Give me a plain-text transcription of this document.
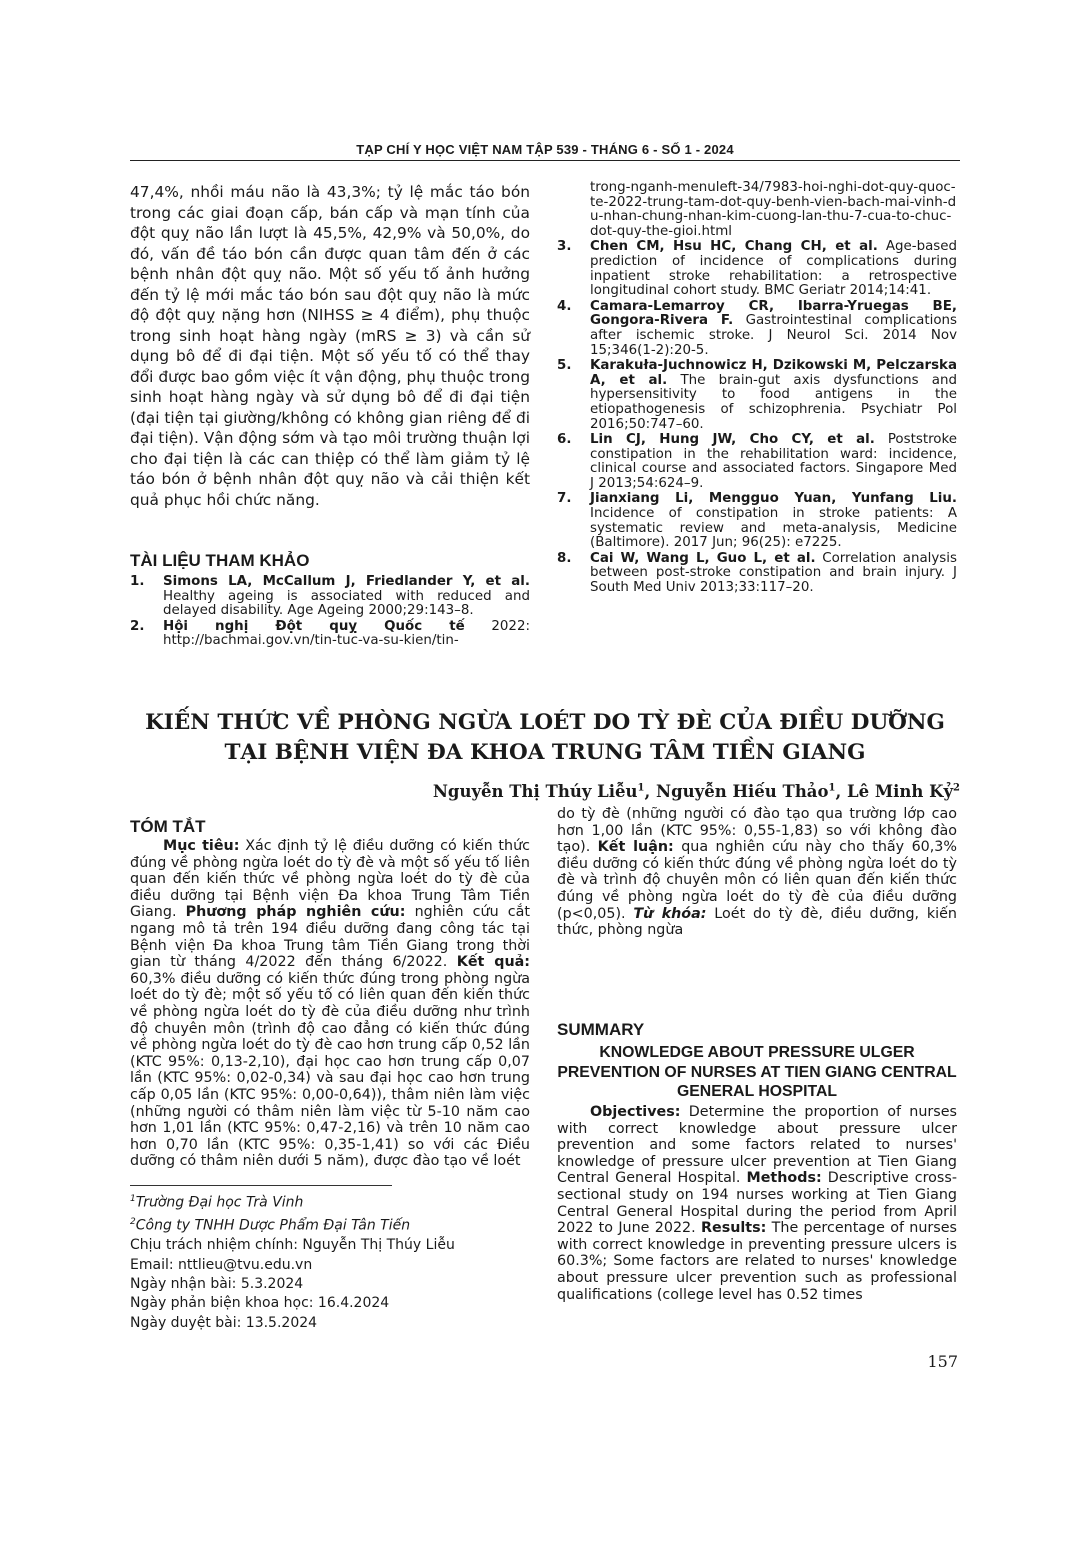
TẠP CHÍ Y HỌC VIỆT NAM TẬP 539 - THÁNG 6 - SỐ 1 - 2024

47,4%, nhồi máu não là 43,3%; tỷ lệ mắc táo bón trong các giai đoạn cấp, bán cấp và mạn tính của đột quỵ não lần lượt là 45,5%, 42,9% và 50,0%, do đó, vấn đề táo bón cần được quan tâm đến ở các bệnh nhân đột quỵ não. Một số yếu tố ảnh hưởng đến tỷ lệ mới mắc táo bón sau đột quỵ não là mức độ đột quỵ nặng hơn (NIHSS ≥ 4 điểm), phụ thuộc trong sinh hoạt hàng ngày (mRS ≥ 3) và cần sử dụng bô để đi đại tiện. Một số yếu tố có thể thay đổi được bao gồm việc ít vận động, phụ thuộc trong sinh hoạt hàng ngày và sử dụng bô để đi đại tiện (đại tiện tại giường/không có không gian riêng để đi đại tiện). Vận động sớm và tạo môi trường thuận lợi cho đại tiện là các can thiệp có thể làm giảm tỷ lệ táo bón ở bệnh nhân đột quỵ não và cải thiện kết quả phục hồi chức năng.

TÀI LIỆU THAM KHẢO
1. Simons LA, McCallum J, Friedlander Y, et al. Healthy ageing is associated with reduced and delayed disability. Age Ageing 2000;29:143–8.
2. Hội nghị Đột quỵ Quốc tế 2022: http://bachmai.gov.vn/tin-tuc-va-su-kien/tin-
trong-nganh-menuleft-34/7983-hoi-nghi-dot-quy-quoc-te-2022-trung-tam-dot-quy-benh-vien-bach-mai-vinh-du-nhan-chung-nhan-kim-cuong-lan-thu-7-cua-to-chuc-dot-quy-the-gioi.html
3. Chen CM, Hsu HC, Chang CH, et al. Age-based prediction of incidence of complications during inpatient stroke rehabilitation: a retrospective longitudinal cohort study. BMC Geriatr 2014;14:41.
4. Camara-Lemarroy CR, Ibarra-Yruegas BE, Gongora-Rivera F. Gastrointestinal complications after ischemic stroke. J Neurol Sci. 2014 Nov 15;346(1-2):20-5.
5. Karakuła-Juchnowicz H, Dzikowski M, Pelczarska A, et al. The brain-gut axis dysfunctions and hypersensitivity to food antigens in the etiopathogenesis of schizophrenia. Psychiatr Pol 2016;50:747–60.
6. Lin CJ, Hung JW, Cho CY, et al. Poststroke constipation in the rehabilitation ward: incidence, clinical course and associated factors. Singapore Med J 2013;54:624–9.
7. Jianxiang Li, Mengguo Yuan, Yunfang Liu. Incidence of constipation in stroke patients: A systematic review and meta-analysis, Medicine (Baltimore). 2017 Jun; 96(25): e7225.
8. Cai W, Wang L, Guo L, et al. Correlation analysis between post-stroke constipation and brain injury. J South Med Univ 2013;33:117–20.
KIẾN THỨC VỀ PHÒNG NGỪA LOÉT DO TỲ ĐÈ CỦA ĐIỀU DƯỠNG
TẠI BỆNH VIỆN ĐA KHOA TRUNG TÂM TIỀN GIANG
Nguyễn Thị Thúy Liễu$^1$, Nguyễn Hiếu Thảo$^1$, Lê Minh Kỷ$^2$
TÓM TẮT

Mục tiêu: Xác định tỷ lệ điều dưỡng có kiến thức đúng về phòng ngừa loét do tỳ đè và một số yếu tố liên quan đến kiến thức về phòng ngừa loét do tỳ đè của điều dưỡng tại Bệnh viện Đa khoa Trung Tâm Tiền Giang. Phương pháp nghiên cứu: nghiên cứu cắt ngang mô tả trên 194 điều dưỡng đang công tác tại Bệnh viện Đa khoa Trung tâm Tiền Giang trong thời gian từ tháng 4/2022 đến tháng 6/2022. Kết quả: 60,3% điều dưỡng có kiến thức đúng trong phòng ngừa loét do tỳ đè; một số yếu tố có liên quan đến kiến thức về phòng ngừa loét do tỳ đè của điều dưỡng như trình độ chuyên môn (trình độ cao đẳng có kiến thức đúng về phòng ngừa loét do tỳ đè cao hơn trung cấp 0,52 lần (KTC 95%: 0,13-2,10), đại học cao hơn trung cấp 0,07 lần (KTC 95%: 0,02-0,34) và sau đại học cao hơn trung cấp 0,05 lần (KTC 95%: 0,00-0,64)), thâm niên làm việc (những người có thâm niên làm việc từ 5-10 năm cao hơn 1,01 lần (KTC 95%: 0,47-2,16) và trên 10 năm cao hơn 0,70 lần (KTC 95%: 0,35-1,41) so với các Điều dưỡng có thâm niên dưới 5 năm), được đào tạo về loét

do tỳ đè (những người có đào tạo qua trường lớp cao hơn 1,00 lần (KTC 95%: 0,55-1,83) so với không đào tạo). Kết luận: qua nghiên cứu này cho thấy 60,3% điều dưỡng có kiến thức đúng về phòng ngừa loét do tỳ đè và trình độ chuyên môn có liên quan đến kiến thức đúng về phòng ngừa loét do tỳ đè của điều dưỡng (p<0,05). Từ khóa: Loét do tỳ đè, điều dưỡng, kiến thức, phòng ngừa

$^1$Trường Đại học Trà Vinh
$^2$Công ty TNHH Dược Phẩm Đại Tân Tiến
Chịu trách nhiệm chính: Nguyễn Thị Thúy Liễu
Email: nttlieu@tvu.edu.vn
Ngày nhận bài: 5.3.2024
Ngày phản biện khoa học: 16.4.2024
Ngày duyệt bài: 13.5.2024
SUMMARY
KNOWLEDGE ABOUT PRESSURE ULGER PREVENTION OF NURSES AT TIEN GIANG CENTRAL GENERAL HOSPITAL

Objectives: Determine the proportion of nurses with correct knowledge about pressure ulcer prevention and some factors related to nurses' knowledge of pressure ulcer prevention at Tien Giang Central General Hospital. Methods: Descriptive cross-sectional study on 194 nurses working at Tien Giang Central General Hospital during the period from April 2022 to June 2022. Results: The percentage of nurses with correct knowledge in preventing pressure ulcers is 60.3%; Some factors are related to nurses' knowledge about pressure ulcer prevention such as professional qualifications (college level has 0.52 times

157
